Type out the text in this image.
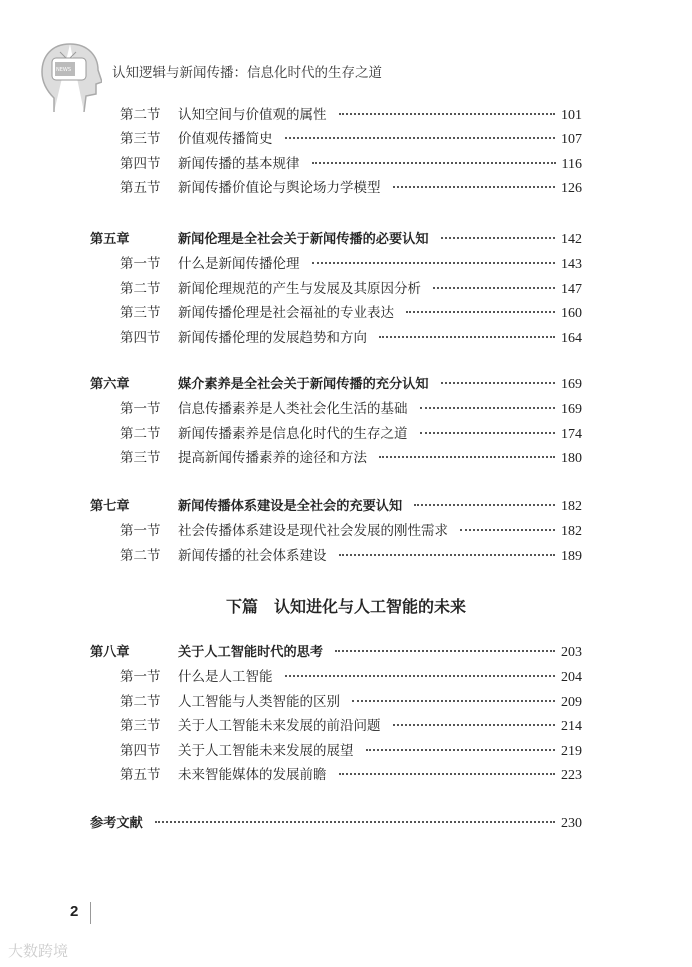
NEWS	认知逻辑与新闻传播：信息化时代的生存之道
第二节	认知空间与价值观的属性	101
第三节	价值观传播简史	107
第四节	新闻传播的基本规律	116
第五节	新闻传播价值论与舆论场力学模型	126
第五章	新闻伦理是全社会关于新闻传播的必要认知	142
第一节	什么是新闻传播伦理	143
第二节	新闻伦理规范的产生与发展及其原因分析	147
第三节	新闻传播伦理是社会福祉的专业表达	160
第四节	新闻传播伦理的发展趋势和方向	164
第六章	媒介素养是全社会关于新闻传播的充分认知	169
第一节	信息传播素养是人类社会化生活的基础	169
第二节	新闻传播素养是信息化时代的生存之道	174
第三节	提高新闻传播素养的途径和方法	180
第七章	新闻传播体系建设是全社会的充要认知	182
第一节	社会传播体系建设是现代社会发展的刚性需求	182
第二节	新闻传播的社会体系建设	189
第八章	关于人工智能时代的思考	203
第一节	什么是人工智能	204
第二节	人工智能与人类智能的区别	209
第三节	关于人工智能未来发展的前沿问题	214
第四节	关于人工智能未来发展的展望	219
第五节	未来智能媒体的发展前瞻	223
下篇 认知进化与人工智能的未来
参考文献	230
2
大数跨境
